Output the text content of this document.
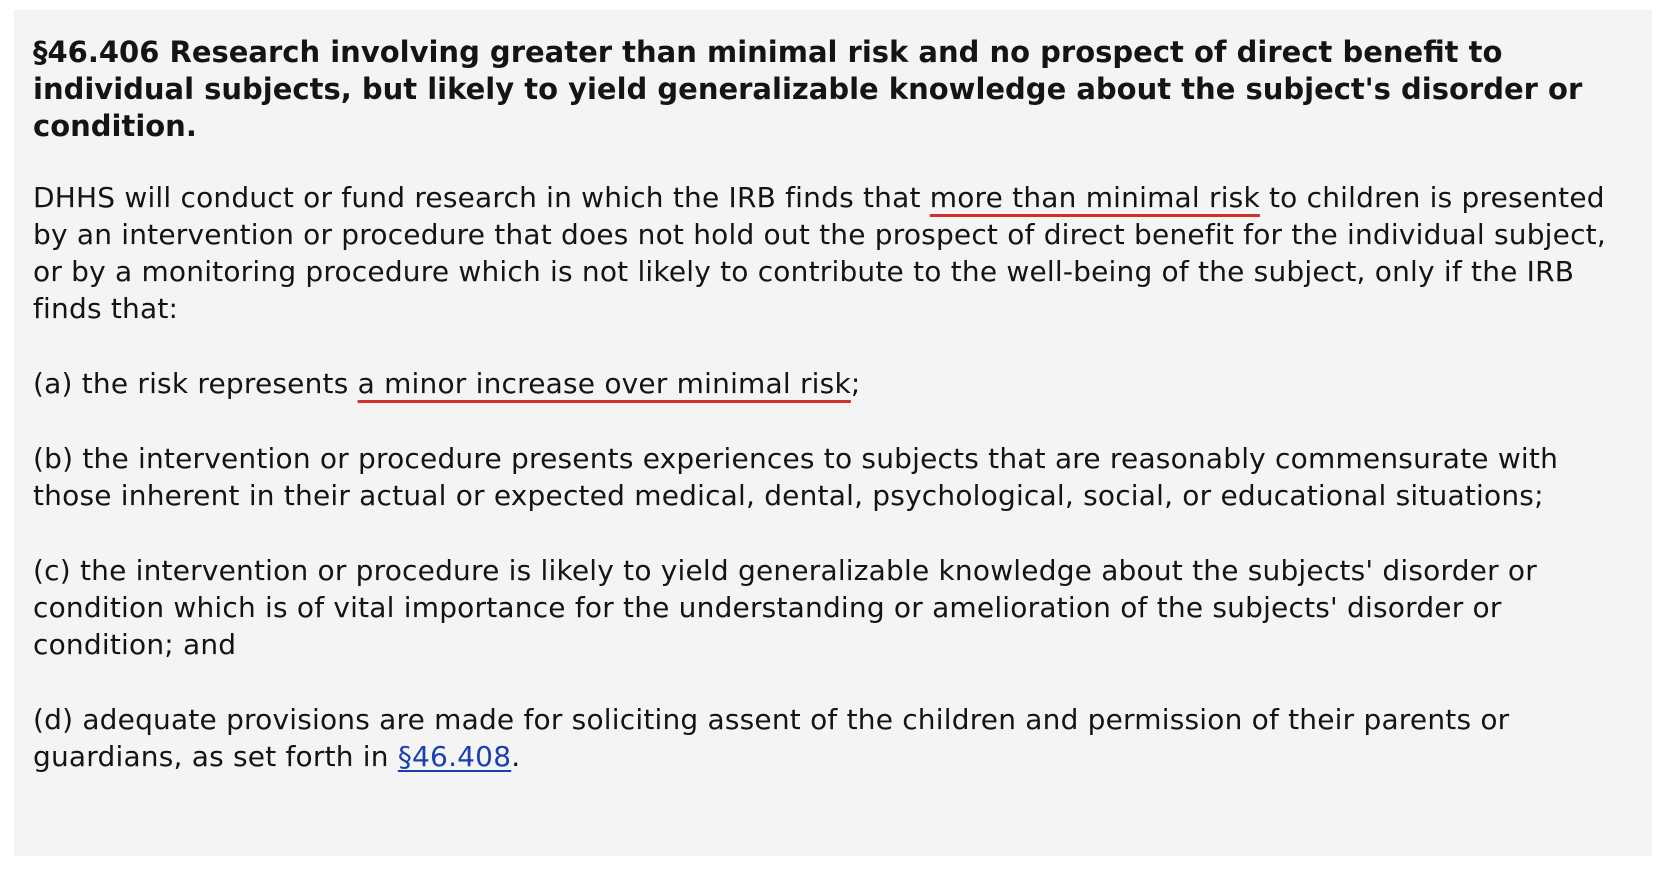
§46.406 Research involving greater than minimal risk and no prospect of direct benefit to individual subjects, but likely to yield generalizable knowledge about the subject's disorder or condition.

DHHS will conduct or fund research in which the IRB finds that more than minimal risk to children is presented by an intervention or procedure that does not hold out the prospect of direct benefit for the individual subject, or by a monitoring procedure which is not likely to contribute to the well-being of the subject, only if the IRB finds that:

(a) the risk represents a minor increase over minimal risk;

(b) the intervention or procedure presents experiences to subjects that are reasonably commensurate with those inherent in their actual or expected medical, dental, psychological, social, or educational situations;

(c) the intervention or procedure is likely to yield generalizable knowledge about the subjects' disorder or condition which is of vital importance for the understanding or amelioration of the subjects' disorder or condition; and

(d) adequate provisions are made for soliciting assent of the children and permission of their parents or guardians, as set forth in §46.408.
